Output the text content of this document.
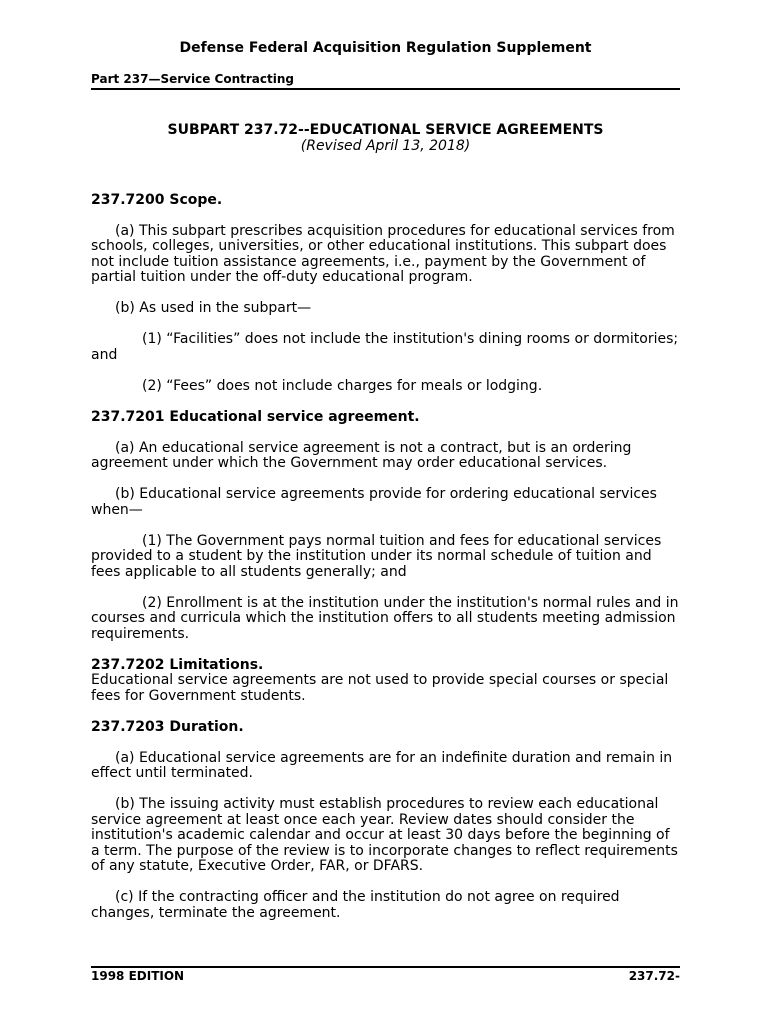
Defense Federal Acquisition Regulation Supplement
Part 237—Service Contracting
SUBPART 237.72--EDUCATIONAL SERVICE AGREEMENTS
(Revised April 13, 2018)

237.7200 Scope.

(a) This subpart prescribes acquisition procedures for educational services from schools, colleges, universities, or other educational institutions. This subpart does not include tuition assistance agreements, i.e., payment by the Government of partial tuition under the off-duty educational program.

(b) As used in the subpart—

(1) “Facilities” does not include the institution's dining rooms or dormitories; and

(2) “Fees” does not include charges for meals or lodging.

237.7201 Educational service agreement.

(a) An educational service agreement is not a contract, but is an ordering agreement under which the Government may order educational services.

(b) Educational service agreements provide for ordering educational services when—

(1) The Government pays normal tuition and fees for educational services provided to a student by the institution under its normal schedule of tuition and fees applicable to all students generally; and

(2) Enrollment is at the institution under the institution's normal rules and in courses and curricula which the institution offers to all students meeting admission requirements.

237.7202 Limitations.

Educational service agreements are not used to provide special courses or special fees for Government students.

237.7203 Duration.

(a) Educational service agreements are for an indefinite duration and remain in effect until terminated.

(b) The issuing activity must establish procedures to review each educational service agreement at least once each year. Review dates should consider the institution's academic calendar and occur at least 30 days before the beginning of a term. The purpose of the review is to incorporate changes to reflect requirements of any statute, Executive Order, FAR, or DFARS.

(c) If the contracting officer and the institution do not agree on required changes, terminate the agreement.

1998 EDITION	237.72-
